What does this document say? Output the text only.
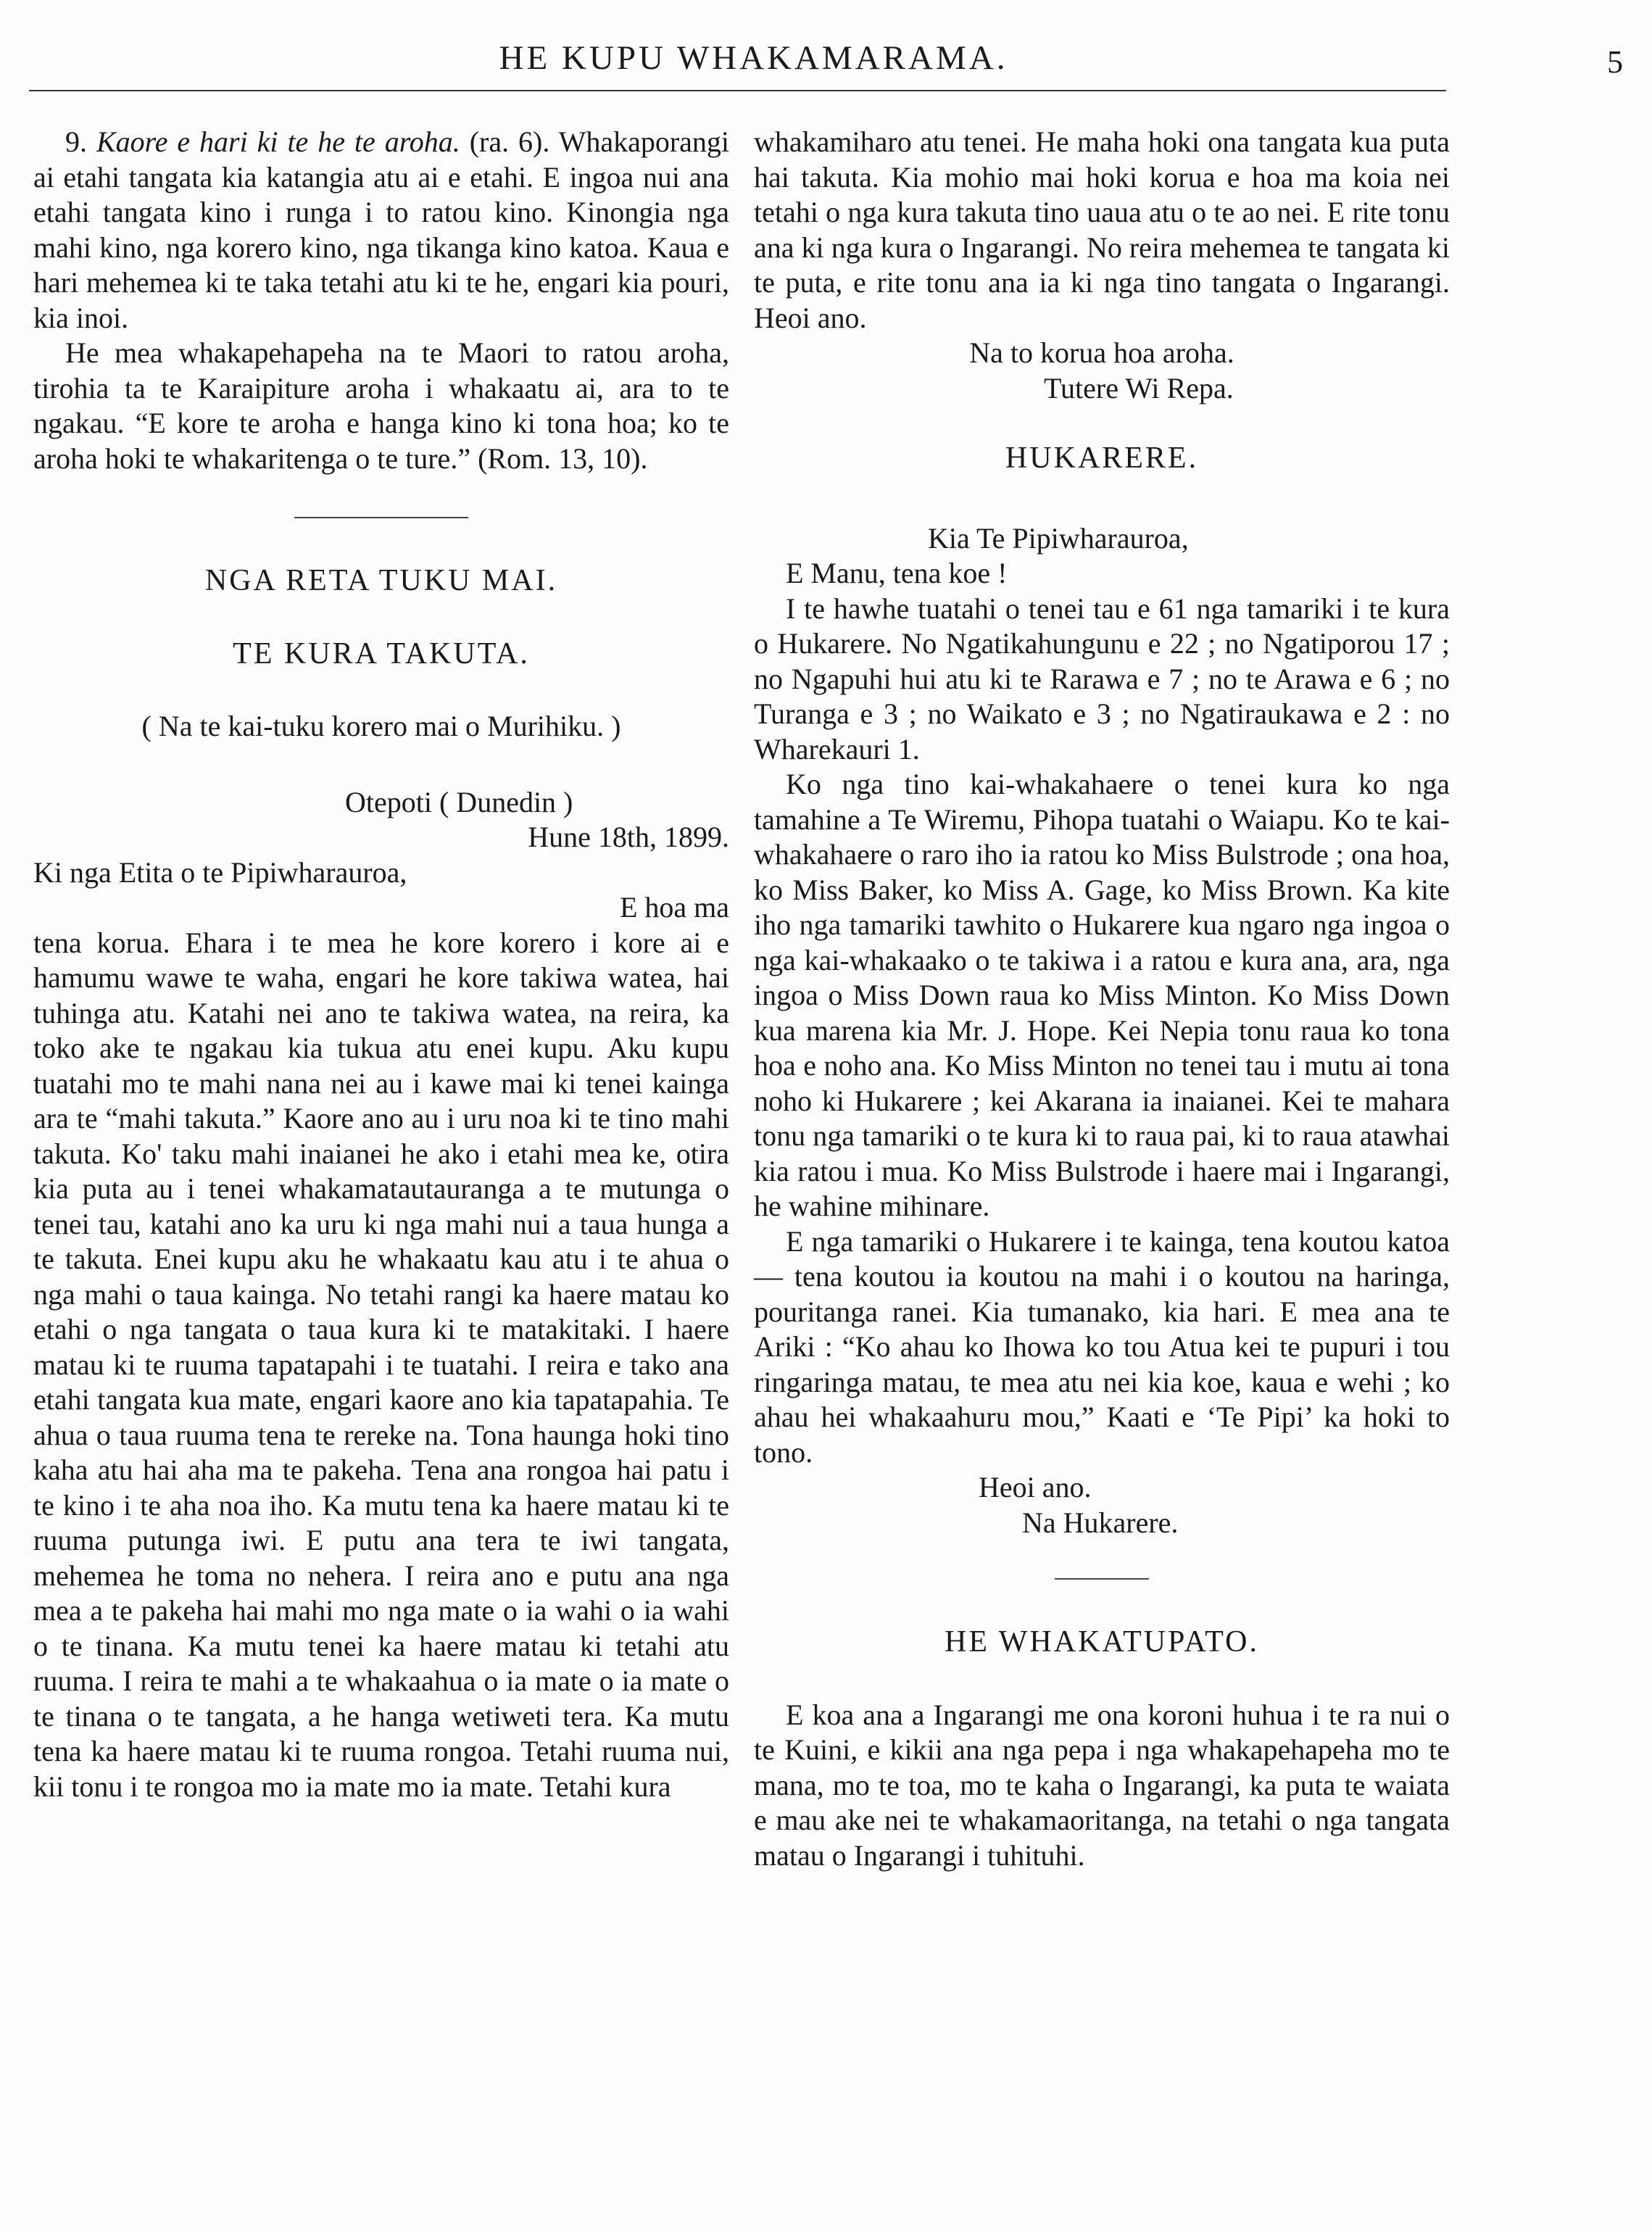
HE KUPU WHAKAMARAMA.	5

9. Kaore e hari ki te he te aroha. (ra. 6). Whakaporangi ai etahi tangata kia katangia atu ai e etahi. E ingoa nui ana etahi tangata kino i runga i to ratou kino. Kinongia nga mahi kino, nga korero kino, nga tikanga kino katoa. Kaua e hari mehemea ki te taka tetahi atu ki te he, engari kia pouri, kia inoi.

He mea whakapehapeha na te Maori to ratou aroha, tirohia ta te Karaipiture aroha i whakaatu ai, ara to te ngakau. “E kore te aroha e hanga kino ki tona hoa; ko te aroha hoki te whakaritenga o te ture.” (Rom. 13, 10).

NGA RETA TUKU MAI.

TE KURA TAKUTA.

( Na te kai-tuku korero mai o Murihiku. )

Otepoti ( Dunedin )

Hune 18th, 1899.

Ki nga Etita o te Pipiwharauroa,

E hoa ma

tena korua. Ehara i te mea he kore korero i kore ai e hamumu wawe te waha, engari he kore takiwa watea, hai tuhinga atu. Katahi nei ano te takiwa watea, na reira, ka toko ake te ngakau kia tukua atu enei kupu. Aku kupu tuatahi mo te mahi nana nei au i kawe mai ki tenei kainga ara te “mahi takuta.” Kaore ano au i uru noa ki te tino mahi takuta. Ko' taku mahi inaianei he ako i etahi mea ke, otira kia puta au i tenei whakamatautauranga a te mutunga o tenei tau, katahi ano ka uru ki nga mahi nui a taua hunga a te takuta. Enei kupu aku he whakaatu kau atu i te ahua o nga mahi o taua kainga. No tetahi rangi ka haere matau ko etahi o nga tangata o taua kura ki te matakitaki. I haere matau ki te ruuma tapatapahi i te tuatahi. I reira e tako ana etahi tangata kua mate, engari kaore ano kia tapatapahia. Te ahua o taua ruuma tena te rereke na. Tona haunga hoki tino kaha atu hai aha ma te pakeha. Tena ana rongoa hai patu i te kino i te aha noa iho. Ka mutu tena ka haere matau ki te ruuma putunga iwi. E putu ana tera te iwi tangata, mehemea he toma no nehera. I reira ano e putu ana nga mea a te pakeha hai mahi mo nga mate o ia wahi o ia wahi o te tinana. Ka mutu tenei ka haere matau ki tetahi atu ruuma. I reira te mahi a te whakaahua o ia mate o ia mate o te tinana o te tangata, a he hanga wetiweti tera. Ka mutu tena ka haere matau ki te ruuma rongoa. Tetahi ruuma nui, kii tonu i te rongoa mo ia mate mo ia mate. Tetahi kura

whakamiharo atu tenei. He maha hoki ona tangata kua puta hai takuta. Kia mohio mai hoki korua e hoa ma koia nei tetahi o nga kura takuta tino uaua atu o te ao nei. E rite tonu ana ki nga kura o Ingarangi. No reira mehemea te tangata ki te puta, e rite tonu ana ia ki nga tino tangata o Ingarangi. Heoi ano.

Na to korua hoa aroha.

Tutere Wi Repa.

HUKARERE.

Kia Te Pipiwharauroa,

E Manu, tena koe !

I te hawhe tuatahi o tenei tau e 61 nga tamariki i te kura o Hukarere. No Ngatikahungunu e 22 ; no Ngatiporou 17 ; no Ngapuhi hui atu ki te Rarawa e 7 ; no te Arawa e 6 ; no Turanga e 3 ; no Waikato e 3 ; no Ngatiraukawa e 2 : no Wharekauri 1.

Ko nga tino kai-whakahaere o tenei kura ko nga tamahine a Te Wiremu, Pihopa tuatahi o Waiapu. Ko te kai-whakahaere o raro iho ia ratou ko Miss Bulstrode ; ona hoa, ko Miss Baker, ko Miss A. Gage, ko Miss Brown. Ka kite iho nga tamariki tawhito o Hukarere kua ngaro nga ingoa o nga kai-whakaako o te takiwa i a ratou e kura ana, ara, nga ingoa o Miss Down raua ko Miss Minton. Ko Miss Down kua marena kia Mr. J. Hope. Kei Nepia tonu raua ko tona hoa e noho ana. Ko Miss Minton no tenei tau i mutu ai tona noho ki Hukarere ; kei Akarana ia inaianei. Kei te mahara tonu nga tamariki o te kura ki to raua pai, ki to raua atawhai kia ratou i mua. Ko Miss Bulstrode i haere mai i Ingarangi, he wahine mihinare.

E nga tamariki o Hukarere i te kainga, tena koutou katoa — tena koutou ia koutou na mahi i o koutou na haringa, pouritanga ranei. Kia tumanako, kia hari. E mea ana te Ariki : “Ko ahau ko Ihowa ko tou Atua kei te pupuri i tou ringaringa matau, te mea atu nei kia koe, kaua e wehi ; ko ahau hei whakaahuru mou,” Kaati e ‘Te Pipi’ ka hoki to tono.

Heoi ano.

Na Hukarere.

HE WHAKATUPATO.

E koa ana a Ingarangi me ona koroni huhua i te ra nui o te Kuini, e kikii ana nga pepa i nga whakapehapeha mo te mana, mo te toa, mo te kaha o Ingarangi, ka puta te waiata e mau ake nei te whakamaoritanga, na tetahi o nga tangata matau o Ingarangi i tuhituhi.
